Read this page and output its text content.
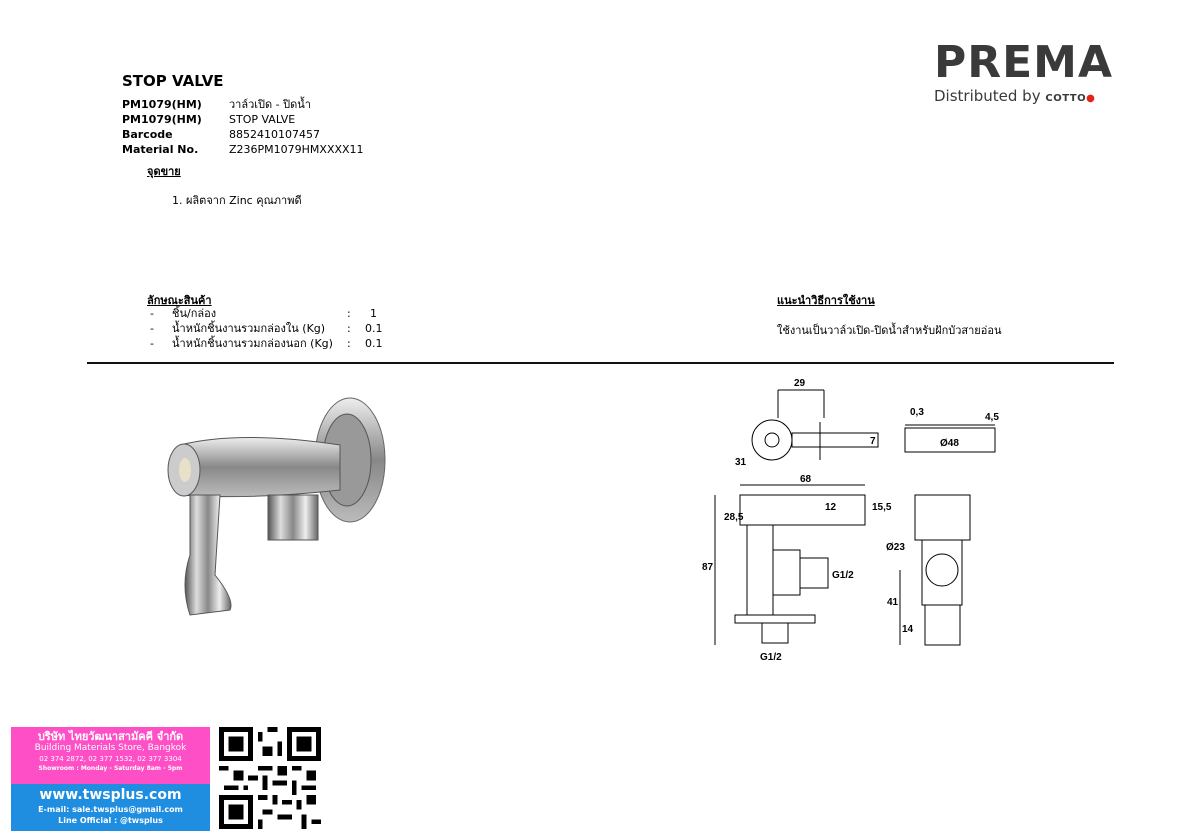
STOP VALVE
PM1079(HM)	วาล์วเปิด - ปิดน้ำ
PM1079(HM)	STOP VALVE
Barcode	8852410107457
Material No.	Z236PM1079HMXXXX11
PREMA
Distributed by COTTO●
จุดขาย
1. ผลิตจาก Zinc คุณภาพดี
ลักษณะสินค้า
-	ชิ้น/กล่อง	:	1
-	น้ำหนักชิ้นงานรวมกล่องใน (Kg)	:	0.1
-	น้ำหนักชิ้นงานรวมกล่องนอก (Kg)	:	0.1
แนะนำวิธีการใช้งาน
ใช้งานเป็นวาล์วเปิด-ปิดน้ำสำหรับฝักบัวสายอ่อน
29
0,3
7
31
Ø48
4,5
68
28,5
12	15,5
87
G1/2
G1/2
Ø23
41
14
บริษัท ไทยวัฒนาสามัคคี จำกัด
Building Materials Store, Bangkok
02 374 2872, 02 377 1532, 02 377 3304
Showroom : Monday - Saturday 8am - 5pm
www.twsplus.com
E-mail: sale.twsplus@gmail.com
Line Official : @twsplus
